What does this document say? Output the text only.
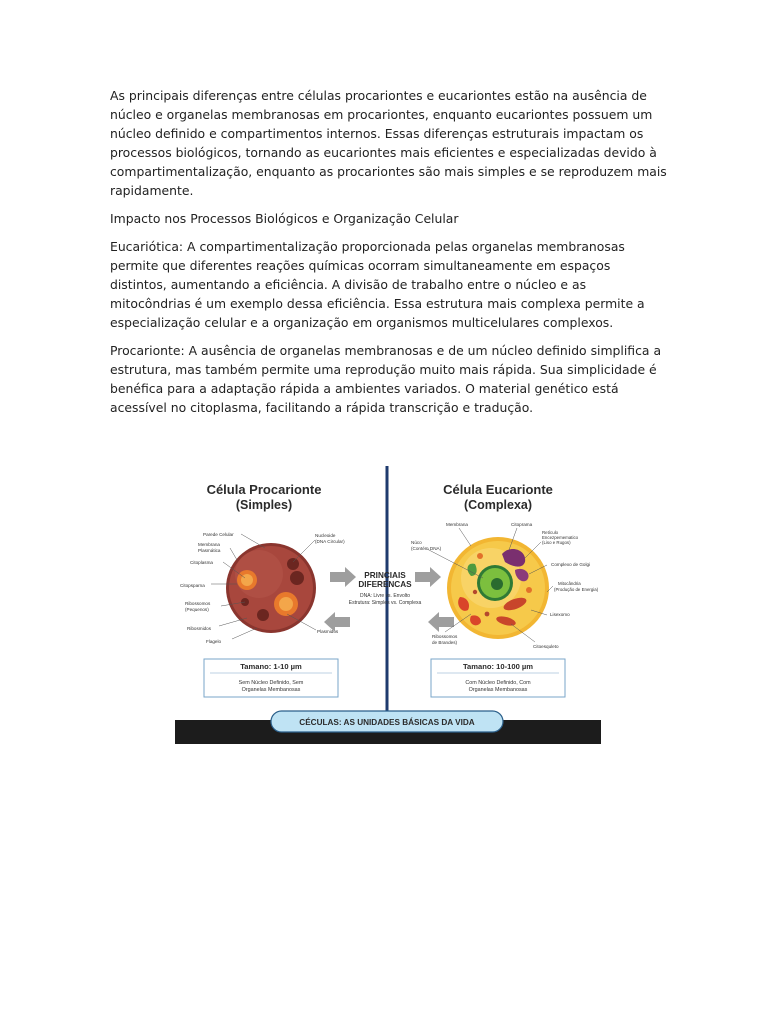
As principais diferenças entre células procariontes e eucariontes estão na ausência de núcleo e organelas membranosas em procariontes, enquanto eucariontes possuem um núcleo definido e compartimentos internos. Essas diferenças estruturais impactam os processos biológicos, tornando as eucariontes mais eficientes e especializadas devido à compartimentalização, enquanto as procariontes são mais simples e se reproduzem mais rapidamente.

Impacto nos Processos Biológicos e Organização Celular

Eucariótica: A compartimentalização proporcionada pelas organelas membranosas permite que diferentes reações químicas ocorram simultaneamente em espaços distintos, aumentando a eficiência. A divisão de trabalho entre o núcleo e as mitocôndrias é um exemplo dessa eficiência. Essa estrutura mais complexa permite a especialização celular e a organização em organismos multicelulares complexos.

Procarionte: A ausência de organelas membranosas e de um núcleo definido simplifica a estrutura, mas também permite uma reprodução muito mais rápida. Sua simplicidade é benéfica para a adaptação rápida a ambientes variados. O material genético está acessível no citoplasma, facilitando a rápida transcrição e tradução.

Célula Procarionte
(Simples)
Parede Celular
Membrana
Plasmática
Citoplasma
Citopsparna
Ribossomos
(Pequenos)
Ribosmidos
Flagelo
Nucleoide
(DNA Circular)
Plasmidos
Tamano: 1-10 µm
Sem Núcleo Definido, Sem
Organelas Membanosas
PRINCIAIS
DIFERENCAS
DNA: Livre vs. Envolto
Estrutura: Simples vs. Complexa
Célula Eucarionte
(Complexa)
Membrana	Citoprama
Retículo
Encezpemematico
(Liso e Rugos)
Núco
(Contém DNA)
Complexo de Golgi
Mitocândria
(Produção de Energia)
Lisexomo
Ribossomos
de Brandes)
Citoesquleto
Tamano: 10-100 µm
Com Núcleo Definido, Com
Organelas Membanosas
CÉCULAS: AS UNIDADES BÁSICAS DA VIDA
